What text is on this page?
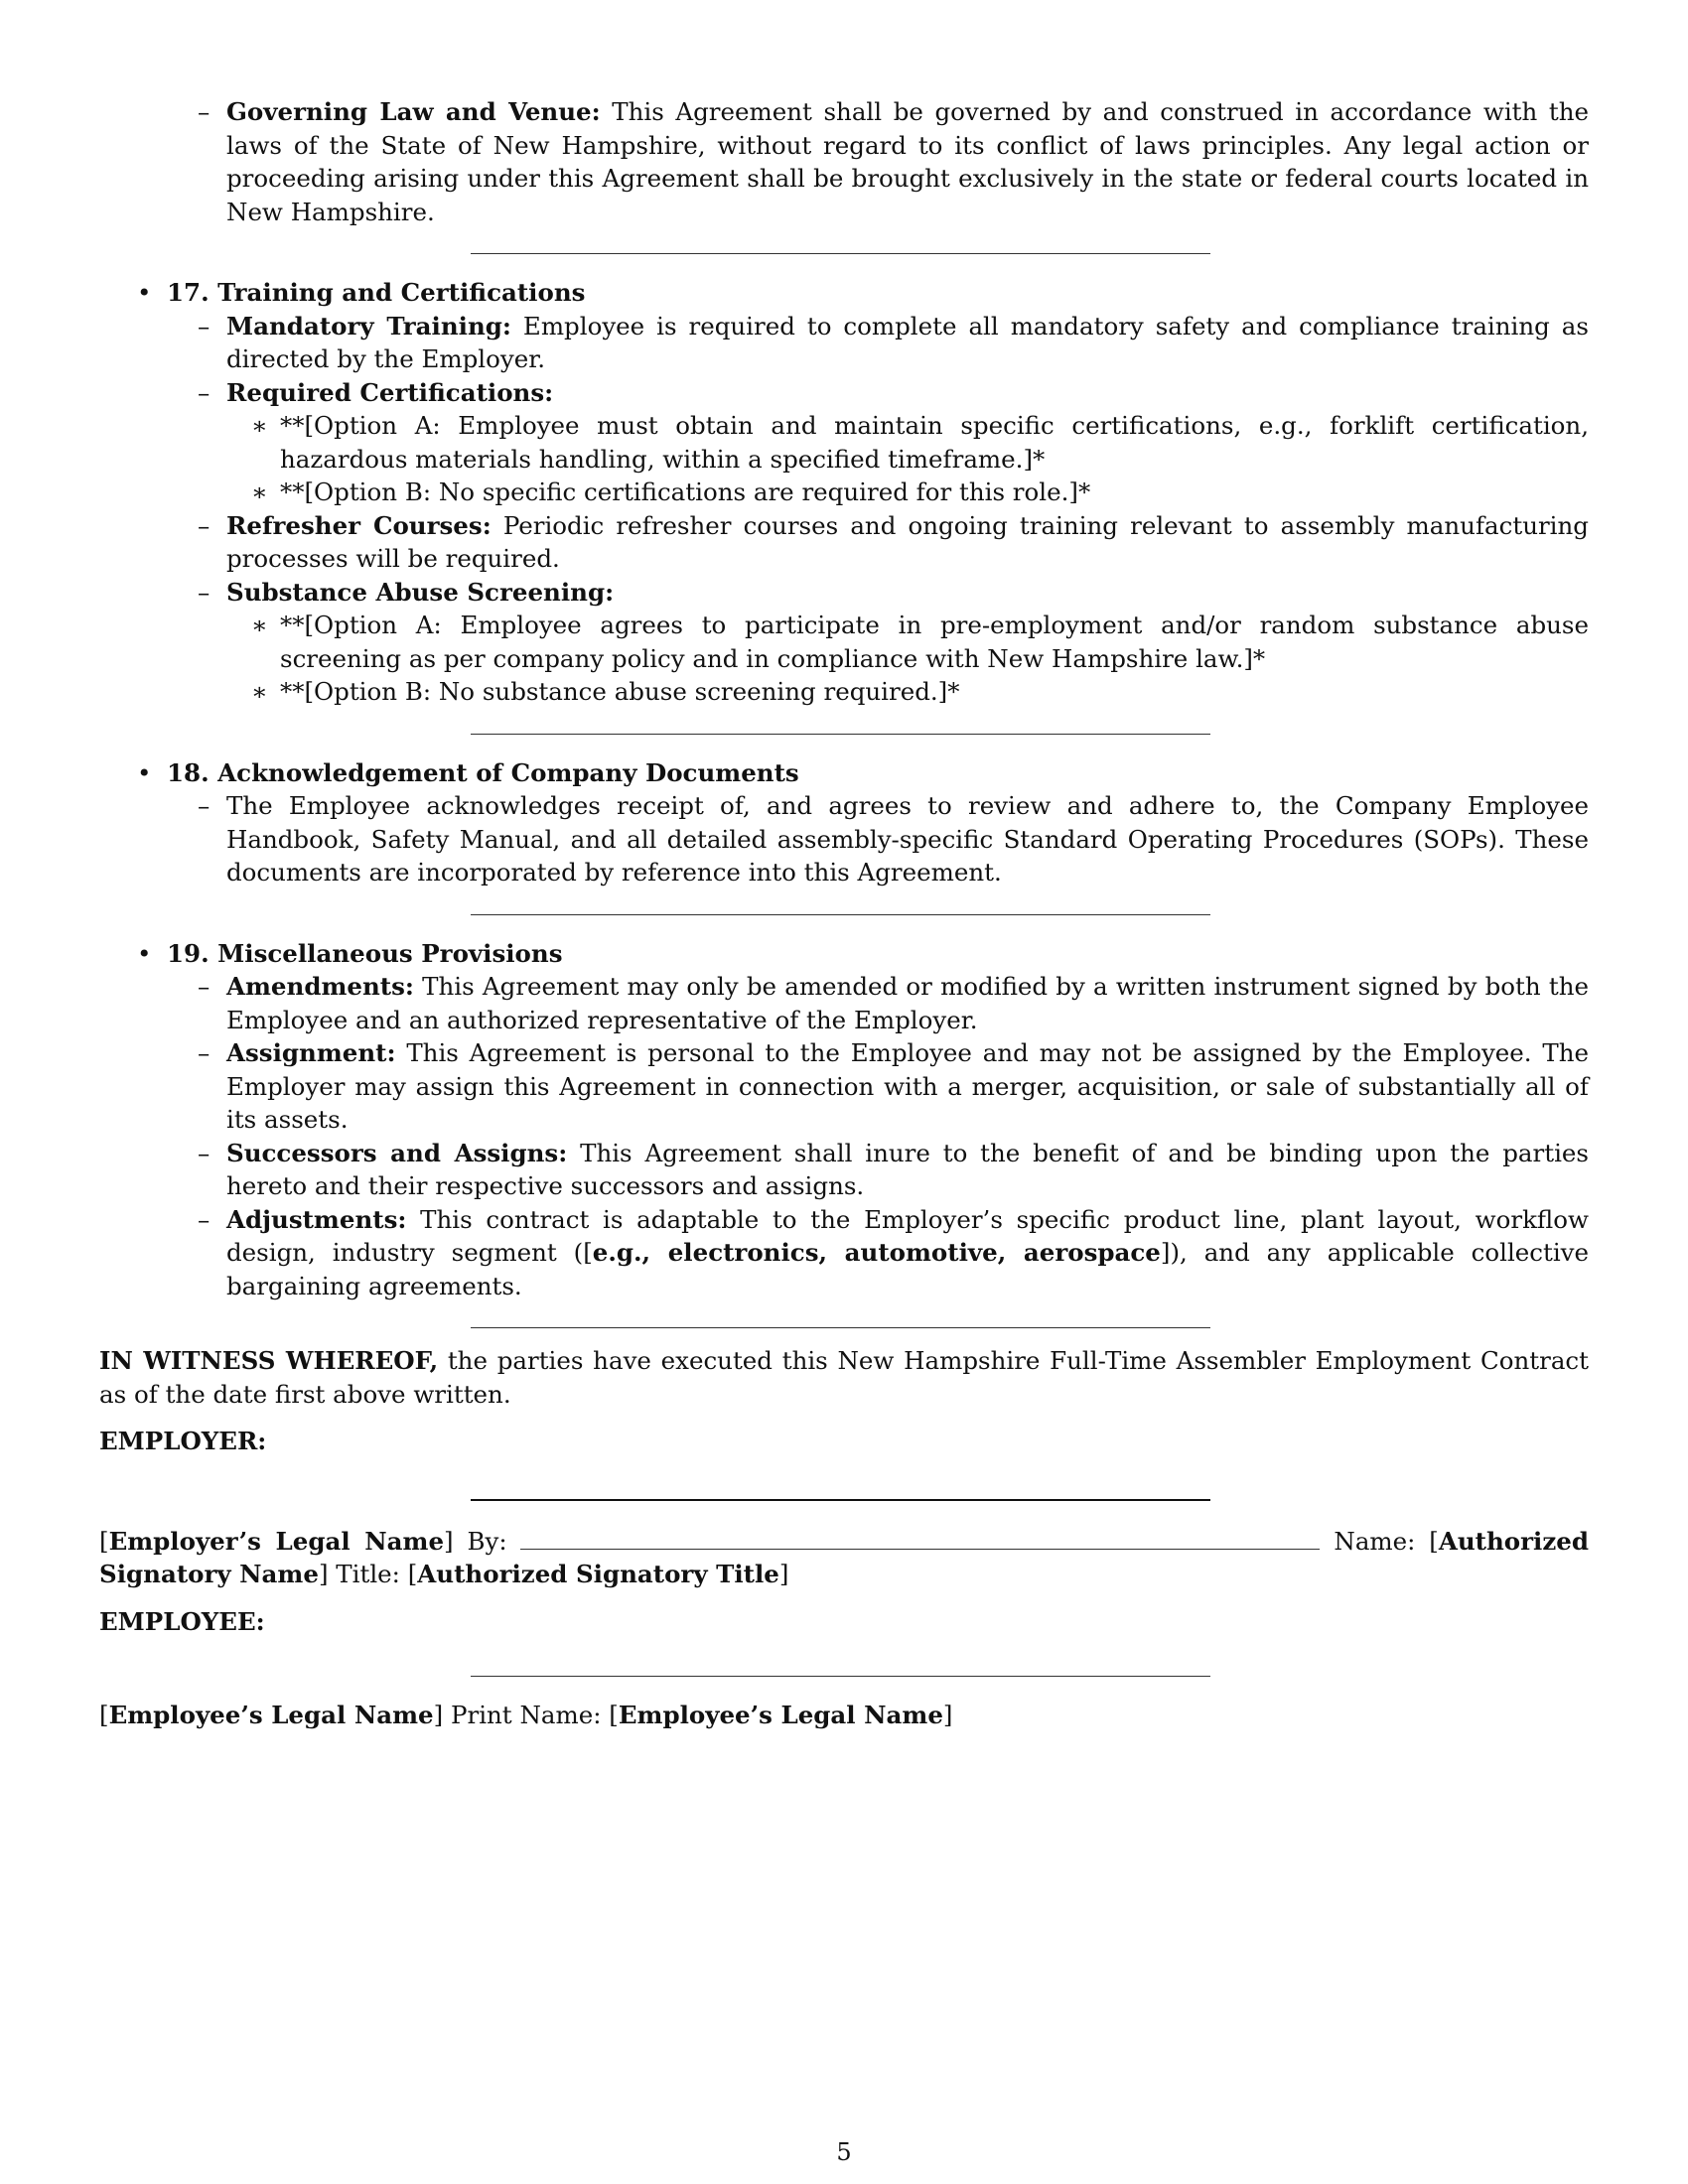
– Governing Law and Venue: This Agreement shall be governed by and construed in accordance with the laws of the State of New Hampshire, without regard to its conflict of laws principles. Any legal action or proceeding arising under this Agreement shall be brought exclusively in the state or federal courts located in New Hampshire.
• 17. Training and Certifications
– Mandatory Training: Employee is required to complete all mandatory safety and compliance training as directed by the Employer.
– Required Certifications:
∗ **[Option A: Employee must obtain and maintain specific certifications, e.g., forklift certification, hazardous materials handling, within a specified timeframe.]*
∗ **[Option B: No specific certifications are required for this role.]*
– Refresher Courses: Periodic refresher courses and ongoing training relevant to assembly manufacturing processes will be required.
– Substance Abuse Screening:
∗ **[Option A: Employee agrees to participate in pre-employment and/or random substance abuse screening as per company policy and in compliance with New Hampshire law.]*
∗ **[Option B: No substance abuse screening required.]*
• 18. Acknowledgement of Company Documents
– The Employee acknowledges receipt of, and agrees to review and adhere to, the Company Employee Handbook, Safety Manual, and all detailed assembly-specific Standard Operating Procedures (SOPs). These documents are incorporated by reference into this Agreement.
• 19. Miscellaneous Provisions
– Amendments: This Agreement may only be amended or modified by a written instrument signed by both the Employee and an authorized representative of the Employer.
– Assignment: This Agreement is personal to the Employee and may not be assigned by the Employee. The Employer may assign this Agreement in connection with a merger, acquisition, or sale of substantially all of its assets.
– Successors and Assigns: This Agreement shall inure to the benefit of and be binding upon the parties hereto and their respective successors and assigns.
– Adjustments: This contract is adaptable to the Employer’s specific product line, plant layout, workflow design, industry segment ([e.g., electronics, automotive, aerospace]), and any applicable collective bargaining agreements.
IN WITNESS WHEREOF, the parties have executed this New Hampshire Full-Time Assembler Employment Contract as of the date first above written.
EMPLOYER:
[Employer’s Legal Name] By:	Name: [Authorized Signatory Name] Title: [Authorized Signatory Title]
EMPLOYEE:
[Employee’s Legal Name] Print Name: [Employee’s Legal Name]
5
